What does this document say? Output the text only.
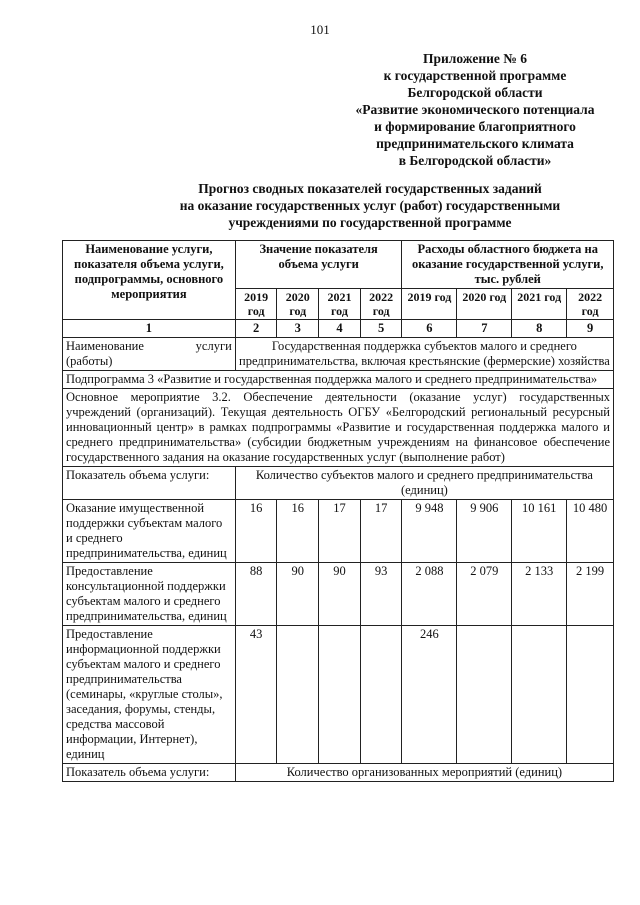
101
Приложение № 6
к государственной программе
Белгородской области
«Развитие экономического потенциала
и формирование благоприятного
предпринимательского климата
в Белгородской области»
Прогноз сводных показателей государственных заданий
на оказание государственных услуг (работ) государственными
учреждениями по государственной программе
Наименование услуги, показателя объема услуги, подпрограммы, основного мероприятия	Значение показателя объема услуги				Расходы областного бюджета на оказание государственной услуги, тыс. рублей			
	2019 год	2020 год	2021 год	2022 год	2019 год	2020 год	2021 год	2022 год
1	2	3	4	5	6	7	8	9
Наименование услуги (работы)	Государственная поддержка субъектов малого и среднего предпринимательства, включая крестьянские (фермерские) хозяйства							
Подпрограмма 3 «Развитие и государственная поддержка малого и среднего предпринимательства»								
Основное мероприятие 3.2. Обеспечение деятельности (оказание услуг) государственных учреждений (организаций). Текущая деятельность ОГБУ «Белгородский региональный ресурсный инновационный центр» в рамках подпрограммы «Развитие и государственная поддержка малого и среднего предпринимательства» (субсидии бюджетным учреждениям на финансовое обеспечение государственного задания на оказание государственных услуг (выполнение работ)								
Показатель объема услуги:	Количество субъектов малого и среднего предпринимательства (единиц)							
Оказание имущественной поддержки субъектам малого и среднего предпринимательства, единиц	16	16	17	17	9 948	9 906	10 161	10 480
Предоставление консультационной поддержки субъектам малого и среднего предпринимательства, единиц	88	90	90	93	2 088	2 079	2 133	2 199
Предоставление информационной поддержки субъектам малого и среднего предпринимательства (семинары, «круглые столы», заседания, форумы, стенды, средства массовой информации, Интернет), единиц	43				246			
Показатель объема услуги:	Количество организованных мероприятий (единиц)							
